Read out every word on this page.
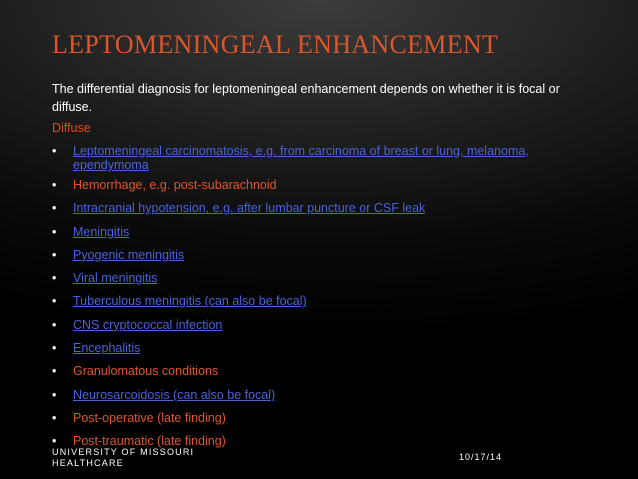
LEPTOMENINGEAL ENHANCEMENT
The differential diagnosis for leptomeningeal enhancement depends on whether it is focal or diffuse.
Diffuse
• Leptomeningeal carcinomatosis, e.g. from carcinoma of breast or lung, melanoma, ependymoma
• Hemorrhage, e.g. post-subarachnoid
• Intracranial hypotension, e.g. after lumbar puncture or CSF leak
• Meningitis
• Pyogenic meningitis
• Viral meningitis
• Tuberculous meningitis (can also be focal)
• CNS cryptococcal infection
• Encephalitis
• Granulomatous conditions
• Neurosarcoidosis (can also be focal)
• Post-operative (late finding)
• Post-traumatic (late finding)
UNIVERSITY OF MISSOURI
HEALTHCARE
10/17/14
